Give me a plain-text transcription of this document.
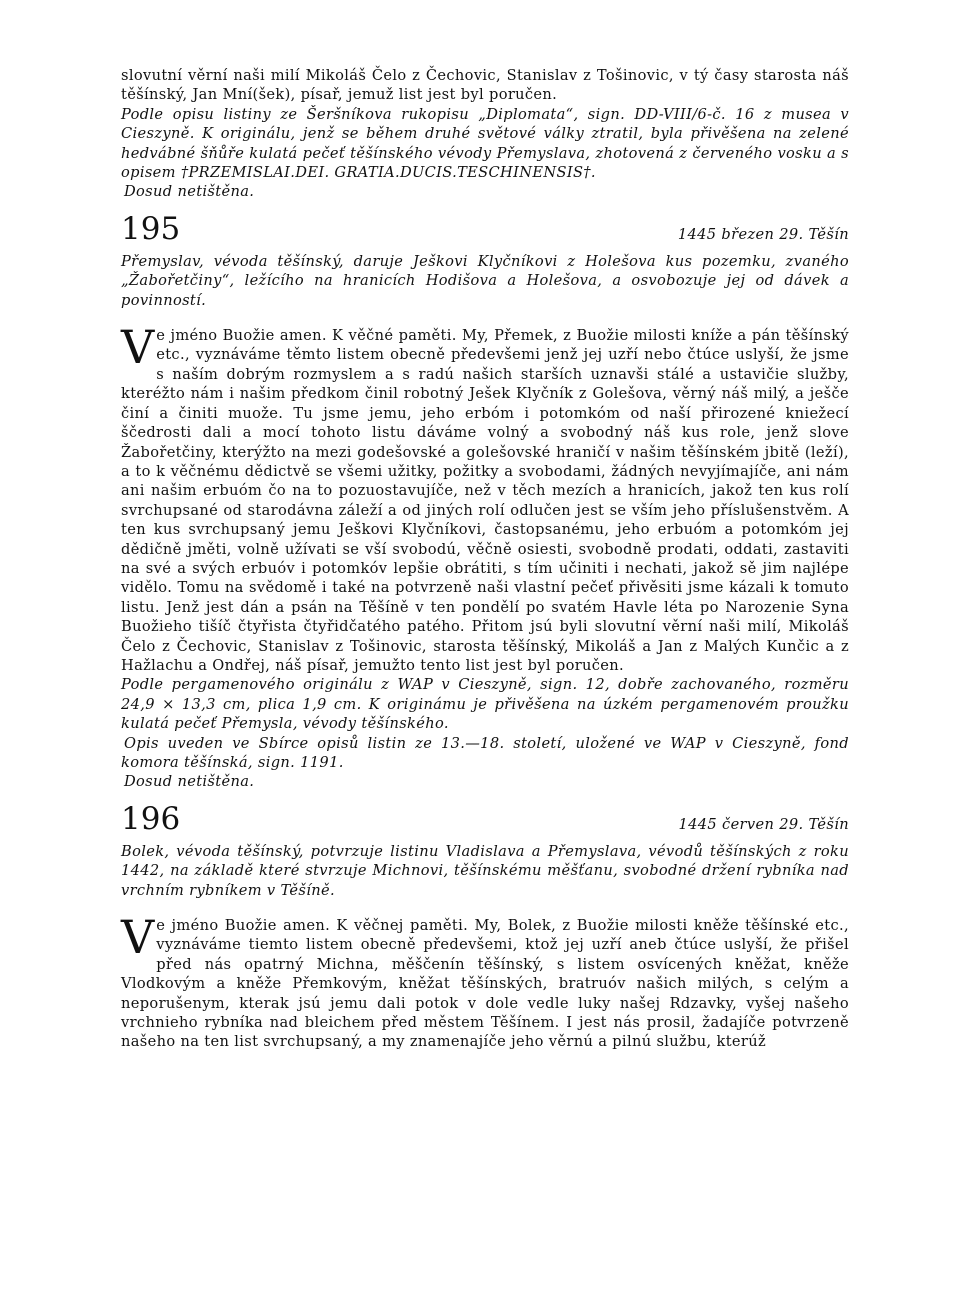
slovutní věrní naši milí Mikoláš Čelo z Čechovic, Stanislav z Tošinovic, v tý časy starosta náš těšínský, Jan Mní(šek), písař, jemuž list jest byl poručen.

Podle opisu listiny ze Šeršníkova rukopisu „Diplomata“, sign. DD-VIII/6-č. 16 z musea v Cieszyně. K originálu, jenž se během druhé světové války ztratil, byla přivěšena na zelené hedvábné šňůře kulatá pečeť těšínského vévody Přemyslava, zhotovená z červeného vosku a s opisem †PRZEMISLAI.DEI. GRATIA.DUCIS.TESCHINENSIS†.

Dosud netištěna.

195	1445 březen 29. Těšín

Přemyslav, vévoda těšínský, daruje Ješkovi Klyčníkovi z Holešova kus pozemku, zvaného „Žabořetčiny“, ležícího na hranicích Hodišova a Holešova, a osvobozuje jej od dávek a povinností.

Ve jméno Buožie amen. K věčné paměti. My, Přemek, z Buožie milosti kníže a pán těšínský etc., vyznáváme těmto listem obecně předevšemi jenž jej uzří nebo čtúce uslyší, že jsme s naším dobrým rozmyslem a s radú našich starších uznavši stálé a ustavičie služby, kteréžto nám i našim předkom činil robotný Ješek Klyčník z Golešova, věrný náš milý, a ješče činí a činiti muože. Tu jsme jemu, jeho erbóm i potomkóm od naší přirozené kniežecí ščedrosti dali a mocí tohoto listu dáváme volný a svobodný náš kus role, jenž slove Žabořetčiny, kterýžto na mezi godešovské a golešovské hraničí v našim těšínském jbitě (leží), a to k věčnému dědictvě se všemi užitky, požitky a svobodami, žádných nevyjímajíče, ani nám ani našim erbuóm čo na to pozuostavujíče, než v těch mezích a hranicích, jakož ten kus rolí svrchupsané od starodávna záleží a od jiných rolí odlučen jest se vším jeho příslušenstvěm. A ten kus svrchupsaný jemu Ješkovi Klyčníkovi, častopsanému, jeho erbuóm a potomkóm jej dědičně jměti, volně užívati se vší svobodú, věčně osiesti, svobodně prodati, oddati, zastaviti na své a svých erbuóv i potomkóv lepšie obrátiti, s tím učiniti i nechati, jakož sě jim najlépe vidělo. Tomu na svědomě i také na potvrzeně naši vlastní pečeť přivěsiti jsme kázali k tomuto listu. Jenž jest dán a psán na Těšíně v ten pondělí po svatém Havle léta po Narozenie Syna Buožieho tišíč čtyřista čtyřidčatého patého. Přitom jsú byli slovutní věrní naši milí, Mikoláš Čelo z Čechovic, Stanislav z Tošinovic, starosta těšínský, Mikoláš a Jan z Malých Kunčic a z Hažlachu a Ondřej, náš písař, jemužto tento list jest byl poručen.

Podle pergamenového originálu z WAP v Cieszyně, sign. 12, dobře zachovaného, rozměru 24,9 × 13,3 cm, plica 1,9 cm. K originámu je přivěšena na úzkém pergamenovém proužku kulatá pečeť Přemysla, vévody těšínského.

Opis uveden ve Sbírce opisů listin ze 13.—18. století, uložené ve WAP v Cieszyně, fond komora těšínská, sign. 1191.

Dosud netištěna.

196	1445 červen 29. Těšín

Bolek, vévoda těšínský, potvrzuje listinu Vladislava a Přemyslava, vévodů těšínských z roku 1442, na základě které stvrzuje Michnovi, těšínskému měšťanu, svobodné držení rybníka nad vrchním rybníkem v Těšíně.

Ve jméno Buožie amen. K věčnej paměti. My, Bolek, z Buožie milosti kněže těšínské etc., vyznáváme tiemto listem obecně předevšemi, ktož jej uzří aneb čtúce uslyší, že přišel před nás opatrný Michna, měščenín těšínský, s listem osvícených kněžat, kněže Vlodkovým a kněže Přemkovým, kněžat těšínských, bratruóv našich milých, s celým a neporušenym, kterak jsú jemu dali potok v dole vedle luky našej Rdzavky, vyšej našeho vrchnieho rybníka nad bleichem před městem Těšínem. I jest nás prosil, žadajíče potvrzeně našeho na ten list svrchupsaný, a my znamenajíče jeho věrnú a pilnú službu, kterúž
